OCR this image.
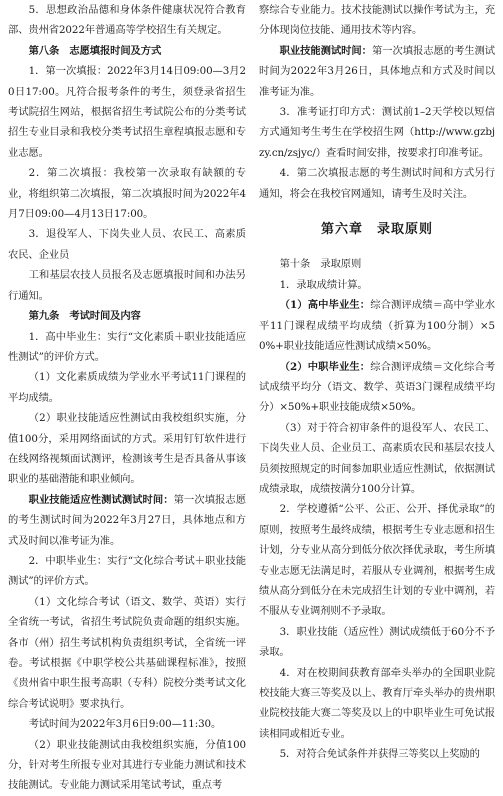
5．思想政治品德和身体条件健康状况符合教育部、贵州省2022年普通高等学校招生有关规定。

第八条　志愿填报时间及方式

1．第一次填报：2022年3月14日09:00—3月20日17:00。凡符合报考条件的考生，须登录省招生考试院招生网站，根据省招生考试院公布的分类考试招生专业目录和我校分类考试招生章程填报志愿和专业志愿。

2．第二次填报：我校第一次录取有缺额的专业，将组织第二次填报，第二次填报时间为2022年4月7日09:00—4月13日17:00。

3．退役军人、下岗失业人员、农民工、高素质农民、企业员

工和基层农技人员报名及志愿填报时间和办法另行通知。

第九条　考试时间及内容

1．高中毕业生：实行“文化素质＋职业技能适应性测试”的评价方式。

（1）文化素质成绩为学业水平考试11门课程的平均成绩。

（2）职业技能适应性测试由我校组织实施，分值100分，采用网络面试的方式。采用钉钉软件进行在线网络视频面试测评，检测该考生是否具备从事该职业的基础潜能和职业倾向。

职业技能适应性测试测试时间：第一次填报志愿的考生测试时间为2022年3月27日，具体地点和方式及时间以准考证为准。

2．中职毕业生：实行“文化综合考试＋职业技能测试”的评价方式。

（1）文化综合考试（语文、数学、英语）实行全省统一考试，省招生考试院负责命题的组织实施。各市（州）招生考试机构负责组织考试，全省统一评卷。考试根据《中职学校公共基础课程标准》，按照《贵州省中职生报考高职（专科）院校分类考试文化综合考试说明》要求执行。

考试时间为2022年3月6日9:00—11:30。

（2）职业技能测试由我校组织实施，分值100分，针对考生所报专业对其进行专业能力测试和技术技能测试。专业能力测试采用笔试考试，重点考

察综合专业能力。技术技能测试以操作考试为主，充分体现岗位技能、通用技术等内容。

职业技能测试时间：第一次填报志愿的考生测试时间为2022年3月26日，具体地点和方式及时间以准考证为准。

3．准考证打印方式：测试前1–2天学校以短信方式通知考生考生在学校招生网（http://www.gzbjzy.cn/zsjyc/）查看时间安排，按要求打印准考证。

4．第二次填报志愿的考生测试时间和方式另行通知，将会在我校官网通知，请考生及时关注。

第六章　录取原则

第十条　录取原则

1．录取成绩计算。

（1）高中毕业生：综合测评成绩＝高中学业水平11门课程成绩平均成绩（折算为100分制）×50%+职业技能适应性测试成绩×50%。

（2）中职毕业生：综合测评成绩＝文化综合考试成绩平均分（语文、数学、英语3门课程成绩平均分）×50%+职业技能成绩×50%。

（3）对于符合初审条件的退役军人、农民工、下岗失业人员、企业员工、高素质农民和基层农技人员须按照规定的时间参加职业适应性测试，依据测试成绩录取，成绩按满分100分计算。

2．学校遵循“公平、公正、公开、择优录取”的原则，按照考生最终成绩，根据考生专业志愿和招生计划，分专业从高分到低分依次择优录取，考生所填专业志愿无法满足时，若服从专业调剂，根据考生成绩从高分到低分在未完成招生计划的专业中调剂，若不服从专业调剂则不予录取。

3．职业技能（适应性）测试成绩低于60分不予录取。

4．对在校期间获教育部牵头举办的全国职业院校技能大赛三等奖及以上、教育厅牵头举办的贵州职业院校技能大赛二等奖及以上的中职毕业生可免试报读相同或相近专业。

5．对符合免试条件并获得三等奖以上奖励的
